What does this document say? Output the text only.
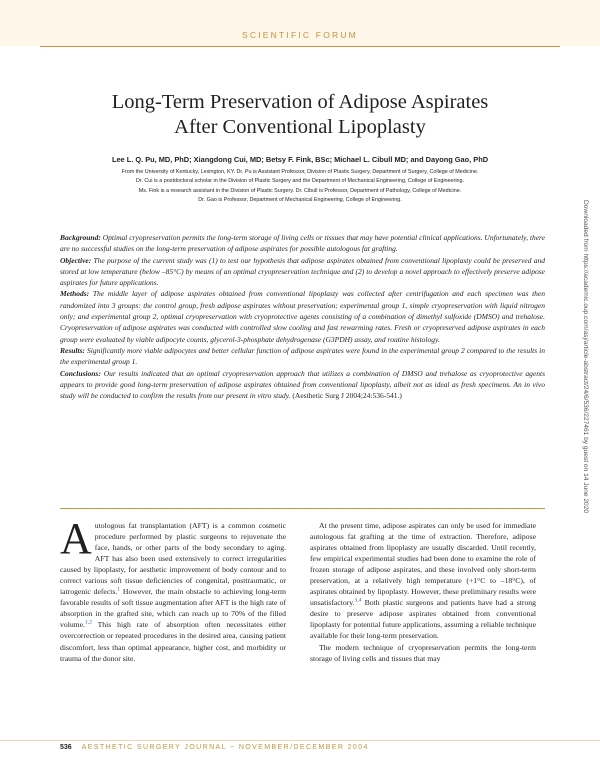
SCIENTIFIC FORUM
Long-Term Preservation of Adipose Aspirates
After Conventional Lipoplasty
Lee L. Q. Pu, MD, PhD; Xiangdong Cui, MD; Betsy F. Fink, BSc; Michael L. Cibull MD; and Dayong Gao, PhD
From the University of Kentucky, Lexington, KY. Dr. Pu is Assistant Professor, Division of Plastic Surgery, Department of Surgery, College of Medicine.
Dr. Cui is a postdoctoral scholar in the Division of Plastic Surgery and the Department of Mechanical Engineering, College of Engineering.
Ms. Fink is a research assistant in the Division of Plastic Surgery. Dr. Cibull is Professor, Department of Pathology, College of Medicine.
Dr. Gao is Professor, Department of Mechanical Engineering, College of Engineering.
Background: Optimal cryopreservation permits the long-term storage of living cells or tissues that may have potential clinical applications. Unfortunately, there are no successful studies on the long-term preservation of adipose aspirates for possible autologous fat grafting.
Objective: The purpose of the current study was (1) to test our hypothesis that adipose aspirates obtained from conventional lipoplasty could be preserved and stored at low temperature (below –85°C) by means of an optimal cryopreservation technique and (2) to develop a novel approach to effectively preserve adipose aspirates for future applications.
Methods: The middle layer of adipose aspirates obtained from conventional lipoplasty was collected after centrifugation and each specimen was then randomized into 3 groups: the control group, fresh adipose aspirates without preservation; experimental group 1, simple cryopreservation with liquid nitrogen only; and experimental group 2, optimal cryopreservation with cryoprotective agents consisting of a combination of dimethyl sulfoxide (DMSO) and trehalose. Cryopreservation of adipose aspirates was conducted with controlled slow cooling and fast rewarming rates. Fresh or cryopreserved adipose aspirates in each group were evaluated by viable adipocyte counts, glycerol-3-phosphate dehydrogenase (G3PDH) assay, and routine histology.
Results: Significantly more viable adipocytes and better cellular function of adipose aspirates were found in the experimental group 2 compared to the results in the experimental group 1.
Conclusions: Our results indicated that an optimal cryopreservation approach that utilizes a combination of DMSO and trehalose as cryoprotective agents appears to provide good long-term preservation of adipose aspirates obtained from conventional lipoplasty, albeit not as ideal as fresh specimens. An in vivo study will be conducted to confirm the results from our present in vitro study. (Aesthetic Surg J 2004;24:536-541.)

Autologous fat transplantation (AFT) is a common cosmetic procedure performed by plastic surgeons to rejuvenate the face, hands, or other parts of the body secondary to aging. AFT has also been used extensively to correct irregularities caused by lipoplasty, for aesthetic improvement of body contour and to correct various soft tissue deficiencies of congenital, posttraumatic, or iatrogenic defects.$^1$ However, the main obstacle to achieving long-term favorable results of soft tissue augmentation after AFT is the high rate of absorption in the grafted site, which can reach up to 70% of the filled volume.$^{1,2}$ This high rate of absorption often necessitates either overcorrection or repeated procedures in the desired area, causing patient discomfort, less than optimal appearance, higher cost, and morbidity or trauma of the donor site.

At the present time, adipose aspirates can only be used for immediate autologous fat grafting at the time of extraction. Therefore, adipose aspirates obtained from lipoplasty are usually discarded. Until recently, few empirical experimental studies had been done to examine the role of frozen storage of adipose aspirates, and these involved only short-term preservation, at a relatively high temperature (+1°C to –18°C), of aspirates obtained by lipoplasty. However, these preliminary results were unsatisfactory.$^{3,4}$ Both plastic surgeons and patients have had a strong desire to preserve adipose aspirates obtained from conventional lipoplasty for potential future applications, assuming a reliable technique available for their long-term preservation.

The modern technique of cryopreservation permits the long-term storage of living cells and tissues that may

Downloaded from https://academic.oup.com/asj/article-abstract/24/6/536/227461 by guest on 14 June 2020
536 AESTHETIC SURGERY JOURNAL ~ NOVEMBER/DECEMBER 2004
